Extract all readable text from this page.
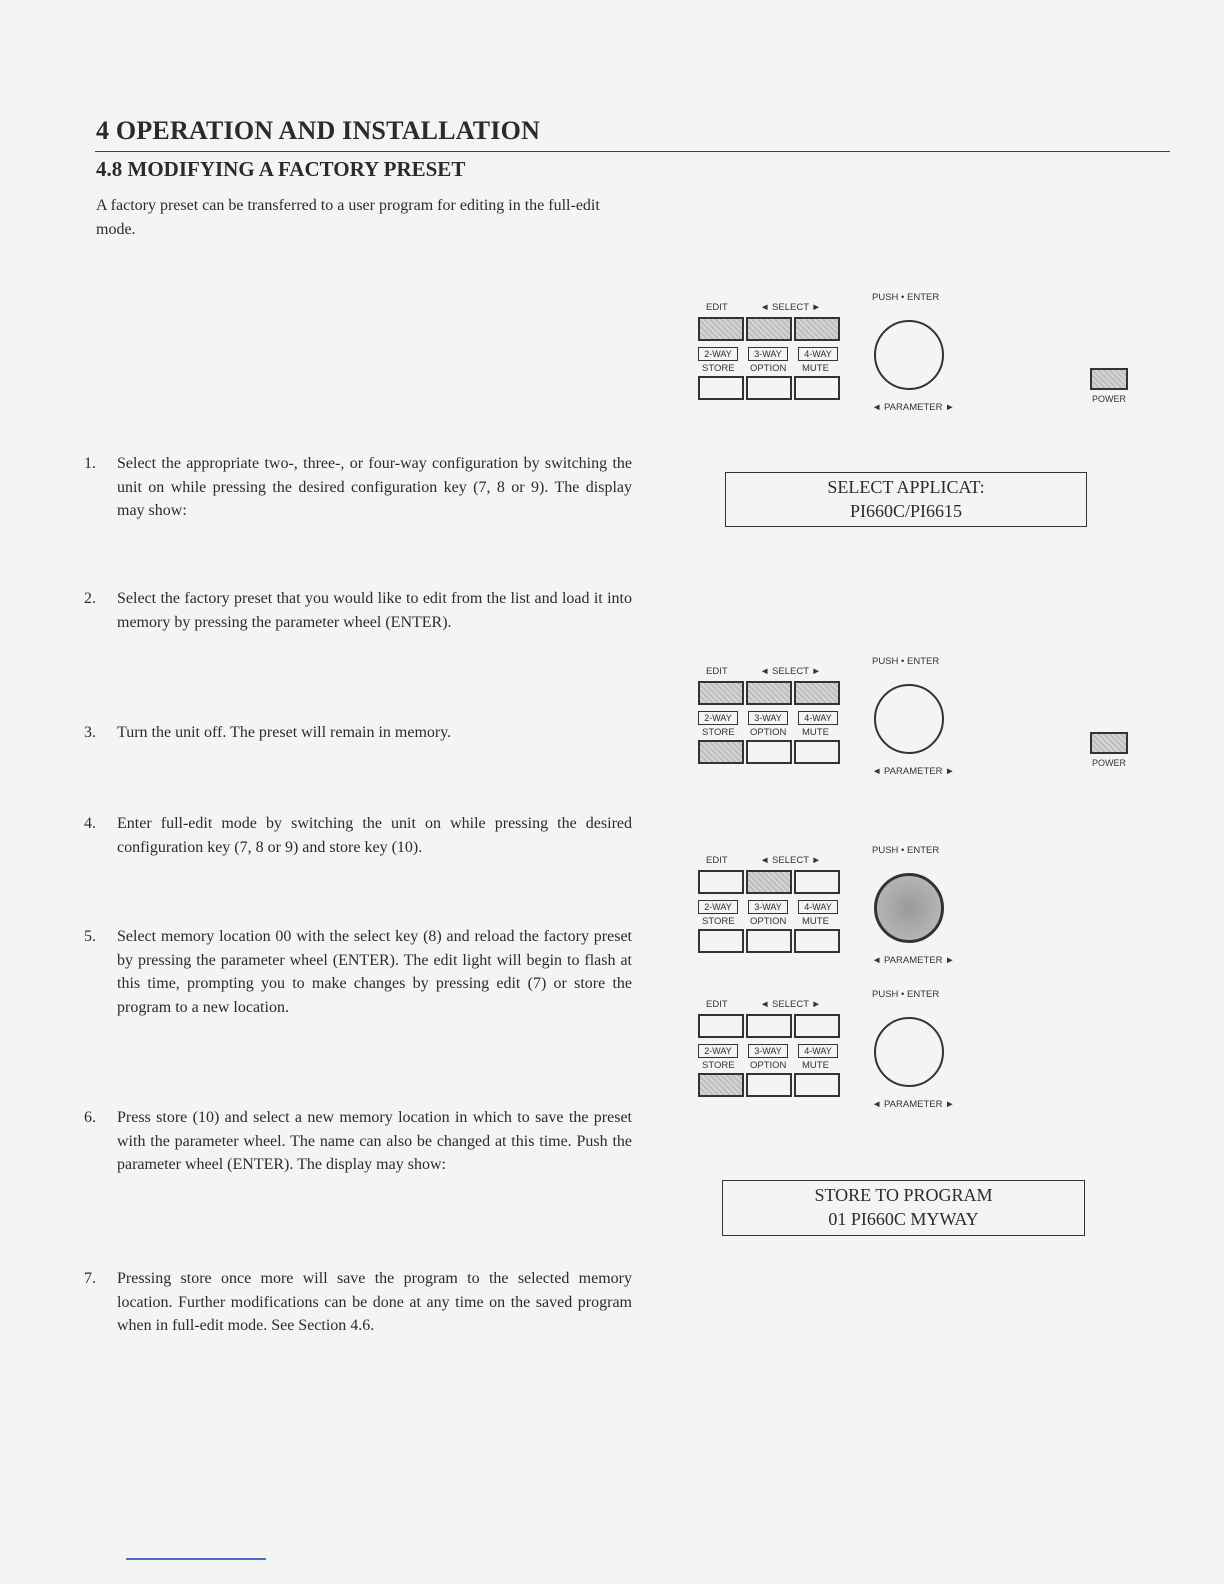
4 OPERATION AND INSTALLATION
4.8 MODIFYING A FACTORY PRESET
A factory preset can be transferred to a user program for editing in the full-edit mode.
1. Select the appropriate two-, three-, or four-way configuration by switching the unit on while pressing the desired configuration key (7, 8 or 9). The display may show:
2. Select the factory preset that you would like to edit from the list and load it into memory by pressing the parameter wheel (ENTER).
3. Turn the unit off. The preset will remain in memory.
4. Enter full-edit mode by switching the unit on while pressing the desired configuration key (7, 8 or 9) and store key (10).
5. Select memory location 00 with the select key (8) and reload the factory preset by pressing the parameter wheel (ENTER). The edit light will begin to flash at this time, prompting you to make changes by pressing edit (7) or store the program to a new location.
6. Press store (10) and select a new memory location in which to save the preset with the parameter wheel. The name can also be changed at this time. Push the parameter wheel (ENTER). The display may show:
7. Pressing store once more will save the program to the selected memory location. Further modifications can be done at any time on the saved program when in full-edit mode. See Section 4.6.
EDIT	◄ SELECT ►
PUSH • ENTER
2-WAY	3-WAY	4-WAY
STORE OPTION MUTE
◄ PARAMETER ►
POWER
SELECT APPLICAT:
PI660C/PI6615
EDIT	◄ SELECT ►
PUSH • ENTER
2-WAY	3-WAY	4-WAY
STORE OPTION MUTE
◄ PARAMETER ►
POWER
EDIT	◄ SELECT ►
PUSH • ENTER
2-WAY	3-WAY	4-WAY
STORE OPTION MUTE
◄ PARAMETER ►
EDIT	◄ SELECT ►
PUSH • ENTER
2-WAY	3-WAY	4-WAY
STORE OPTION MUTE
◄ PARAMETER ►
STORE TO PROGRAM
01 PI660C MYWAY
